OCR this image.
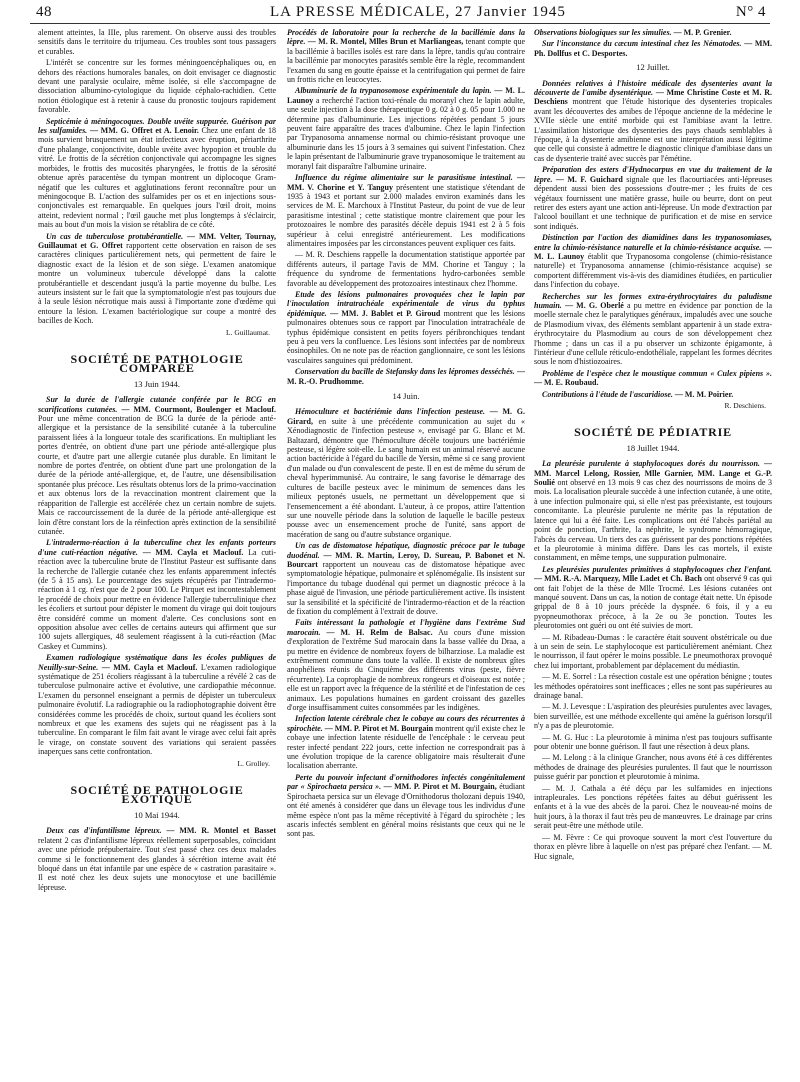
48	LA PRESSE MÉDICALE, 27 Janvier 1945	N° 4

alement atteintes, la IIIe, plus rarement. On observe aussi des troubles sensitifs dans le territoire du trijumeau. Ces troubles sont tous passagers et curables.

L'intérêt se concentre sur les formes méningoencéphaliques ou, en dehors des réactions humorales banales, on doit envisager ce diagnostic devant une paralysie oculaire, même isolée, si elle s'accompagne de dissociation albumino-cytologique du liquide céphalo-rachidien. Cette notion étiologique est à retenir à cause du pronostic toujours rapidement favorable.

Septicémie à méningocoques. Double uvéite suppurée. Guérison par les sulfamides. — MM. G. Offret et A. Lenoir. Chez une enfant de 18 mois survient brusquement un état infectieux avec éruption, périarthrite d'une phalange, conjonctivite, double uvéite avec hypopion et trouble du vitré. Le frottis de la sécrétion conjonctivale qui accompagne les signes morbides, le frottis des mucosités pharyngées, le frottis de la sérosité obtenue après paracentèse du tympan montrent un diplocoque Gram-négatif que les cultures et agglutinations feront reconnaître pour un méningocoque B. L'action des sulfamides per os et en injections sous-conjonctivales est remarquable. En quelques jours l'œil droit, moins atteint, redevient normal ; l'œil gauche met plus longtemps à s'éclaircir, mais au bout d'un mois la vision se rétablira de ce côté.

Un cas de tuberculose protubérantielle. — MM. Velter, Tournay, Guillaumat et G. Offret rapportent cette observation en raison de ses caractères cliniques particulièrement nets, qui permettent de faire le diagnostic exact de la lésion et de son siège. L'examen anatomique montre un volumineux tubercule développé dans la calotte protubérantielle et descendant jusqu'à la partie moyenne du bulbe. Les auteurs insistent sur le fait que la symptomatologie n'est pas toujours due à la seule lésion nécrotique mais aussi à l'importante zone d'œdème qui entoure la lésion. L'examen bactériologique sur coupe a montré des bacilles de Koch.

L. Guillaumat.
SOCIÉTÉ DE PATHOLOGIE COMPARÉE
13 Juin 1944.

Sur la durée de l'allergie cutanée conférée par le BCG en scarifications cutanées. — MM. Courmont, Boulenger et Maclouf. Pour une même concentration de BCG la durée de la période anté-allergique et la persistance de la sensibilité cutanée à la tuberculine paraissent liées à la longueur totale des scarifications. En multipliant les portes d'entrée, on obtient d'une part une période anté-allergique plus courte, et d'autre part une allergie cutanée plus durable. En limitant le nombre de portes d'entrée, on obtient d'une part une prolongation de la durée de la période anté-allergique, et, de l'autre, une désensibilisation spontanée plus précoce. Les résultats obtenus lors de la primo-vaccination et aux obtenus lors de la revaccination montrent clairement que la réapparition de l'allergie est accélérée chez un certain nombre de sujets. Mais ce raccourcissement de la durée de la période anté-allergique est loin d'être constant lors de la réinfection après extinction de la sensibilité cutanée.

L'intradermo-réaction à la tuberculine chez les enfants porteurs d'une cuti-réaction négative. — MM. Cayla et Maclouf. La cuti-réaction avec la tuberculine brute de l'Institut Pasteur est suffisante dans la recherche de l'allergie cutanée chez les enfants apparemment infectés (de 5 à 15 ans). Le pourcentage des sujets récupérés par l'intradermo-réaction à 1 cg. n'est que de 2 pour 100. Le Pirquet est incontestablement le procédé de choix pour mettre en évidence l'allergie tuberculinique chez les écoliers et surtout pour dépister le moment du virage qui doit toujours être considéré comme un moment d'alerte. Ces conclusions sont en opposition absolue avec celles de certains auteurs qui affirment que sur 100 sujets allergiques, 48 seulement réagissent à la cuti-réaction (Mac Caskey et Cummins).

Examen radiologique systématique dans les écoles publiques de Neuilly-sur-Seine. — MM. Cayla et Maclouf. L'examen radiologique systématique de 251 écoliers réagissant à la tuberculine a révélé 2 cas de tuberculose pulmonaire active et évolutive, une cardiopathie méconnue. L'examen du personnel enseignant a permis de dépister un tuberculeux pulmonaire évolutif. La radiographie ou la radiophotographie doivent être considérées comme les procédés de choix, surtout quand les écoliers sont nombreux et que les examens des sujets qui ne réagissent pas à la tuberculine. En comparant le film fait avant le virage avec celui fait après le virage, on constate souvent des variations qui seraient passées inaperçues sans cette confrontation.

L. Grolley.
SOCIÉTÉ DE PATHOLOGIE EXOTIQUE
10 Mai 1944.

Deux cas d'infantilisme lépreux. — MM. R. Montel et Basset relatent 2 cas d'infantilisme lépreux réellement superposables, coïncidant avec une période prépubertaire. Tout s'est passé chez ces deux malades comme si le fonctionnement des glandes à sécrétion interne avait été bloqué dans un état infantile par une espèce de « castration parasitaire ». Il est noté chez les deux sujets une monocytose et une bacillémie lépreuse.

Procédés de laboratoire pour la recherche de la bacillémie dans la lèpre. — M. R. Montel, Mlles Brun et Marliangeas, tenant compte que la bacillémie à bacilles isolés est rare dans la lèpre, tandis qu'au contraire la bacillémie par monocytes parasités semble être la règle, recommandent l'examen du sang en goutte épaisse et la centrifugation qui permet de faire un frottis riche en leucocytes.

Albuminurie de la trypanosomose expérimentale du lapin. — M. L. Launoy a recherché l'action toxi-rénale du moranyl chez le lapin adulte, une seule injection à la dose thérapeutique 0 g. 02 à 0 g. 05 pour 1.000 ne détermine pas d'albuminurie. Les injections répétées pendant 5 jours peuvent faire apparaître des traces d'albumine. Chez le lapin l'infection par Trypanosoma annamense normal ou chimio-résistant provoque une albuminurie dans les 15 jours à 3 semaines qui suivent l'infestation. Chez le lapin présentant de l'albuminurie grave trypanosomique le traitement au moranyl fait disparaître l'albumine urinaire.

Influence du régime alimentaire sur le parasitisme intestinal. — MM. V. Chorine et Y. Tanguy présentent une statistique s'étendant de 1935 à 1943 et portant sur 2.000 malades environ examinés dans les services de M. E. Marchoux à l'Institut Pasteur, du point de vue de leur parasitisme intestinal ; cette statistique montre clairement que pour les protozoaires le nombre des parasités décèle depuis 1941 est 2 à 5 fois supérieur à celui enregistré antérieurement. Les modifications alimentaires imposées par les circonstances peuvent expliquer ces faits.

— M. R. Deschiens rappelle la documentation statistique apportée par différents auteurs, il partage l'avis de MM. Chorine et Tanguy ; la fréquence du syndrome de fermentations hydro-carbonées semble favorable au développement des protozoaires intestinaux chez l'homme.

Etude des lésions pulmonaires provoquées chez le lapin par l'inoculation intratrachéale expérimentale de virus du typhus épidémique. — MM. J. Bablet et P. Giroud montrent que les lésions pulmonaires obtenues sous ce rapport par l'inoculation intratrachéale de typhus épidémique consistent en petits foyers péribronchiques tendant peu à peu vers la confluence. Les lésions sont infectées par de nombreux éosinophiles. On ne note pas de réaction ganglionnaire, ce sont les lésions vasculaires sanguines qui prédominent.

Conservation du bacille de Stefansky dans les lépromes desséchés. — M. R.-O. Prudhomme.

14 Juin.

Hémoculture et bactériémie dans l'infection pesteuse. — M. G. Girard, en suite à une précédente communication au sujet du « Xénodiagnostic de l'infection pesteuse », envisagé par G. Blanc et M. Baltazard, démontre que l'hémoculture décèle toujours une bactériémie pesteuse, si légère soit-elle. Le sang humain est un animal réservé aucune action bactéricide à l'égard du bacille de Yersin, même si ce sang provient d'un malade ou d'un convalescent de peste. Il en est de même du sérum de cheval hyperimmunisé. Au contraire, le sang favorise le démarrage des cultures de bacille pesteux avec le minimum de semences dans les milieux peptonés usuels, ne permettant un développement que si l'ensemencement a été abondant. L'auteur, à ce propos, attire l'attention sur une nouvelle période dans la solution de laquelle le bacille pesteux pousse avec un ensemencement proche de l'unité, sans apport de macération de sang ou d'autre substance organique.

Un cas de distomatose hépatique, diagnostic précoce par le tubage duodénal. — MM. R. Martin, Leroy, D. Sureau, P. Babonet et N. Bourcart rapportent un nouveau cas de distomatose hépatique avec symptomatologie hépatique, pulmonaire et splénomégalie. Ils insistent sur l'importance du tubage duodénal qui permet un diagnostic précoce à la phase aiguë de l'invasion, une période particulièrement active. Ils insistent sur la sensibilité et la spécificité de l'intradermo-réaction et de la réaction de fixation du complément à l'extrait de douve.

Faits intéressant la pathologie et l'hygiène dans l'extrême Sud marocain. — M. H. Relm de Balsac. Au cours d'une mission d'exploration de l'extrême Sud marocain dans la basse vallée du Draa, a pu mettre en évidence de nombreux foyers de bilharziose. La maladie est extrêmement commune dans toute la vallée. Il existe de nombreux gîtes anophéliens réunis du Cinquième des différents virus (peste, fièvre récurrente). La coprophagie de nombreux rongeurs et d'oiseaux est notée ; elle est un rapport avec la fréquence de la stérilité et de l'infestation de ces animaux. Les populations humaines en gardent croissant des gazelles d'orge insuffisamment cuites consommées par les indigènes.

Infection latente cérébrale chez le cobaye au cours des récurrentes à spirochète. — MM. P. Pirot et M. Bourgain montrent qu'il existe chez le cobaye une infection latente résiduelle de l'encéphale : le cerveau peut rester infecté pendant 222 jours, cette infection ne correspondrait pas à une évolution tropique de la carence obligatoire mais résulterait d'une localisation aberrante.

Perte du pouvoir infectant d'ornithodores infectés congénitalement par « Spirochaeta persica ». — MM. P. Pirot et M. Bourgain, étudiant Spirochaeta persica sur un élevage d'Ornithodorus tholozani depuis 1940, ont été amenés à considérer que dans un élevage tous les individus d'une même espèce n'ont pas la même réceptivité à l'égard du spirochète ; les ascaris infectés semblent en général moins résistants que ceux qui ne le sont pas.

Observations biologiques sur les simulies. — M. P. Grenier.

Sur l'inconstance du cæcum intestinal chez les Nématodes. — MM. Ph. Dollfus et C. Desportes.

12 Juillet.

Données relatives à l'histoire médicale des dysenteries avant la découverte de l'amibe dysentérique. — Mme Christine Coste et M. R. Deschiens montrent que l'étude historique des dysenteries tropicales avant les découvertes des amibes de l'époque ancienne de la médecine le XVIIe siècle une entité morbide qui est l'amibiase avant la lettre. L'assimilation historique des dysenteries des pays chauds semblables à l'époque, à la dysenterie amibienne est une interprétation aussi légitime que celle qui consiste à admettre le diagnostic clinique d'amibiase dans un cas de dysenterie traité avec succès par l'émétine.

Préparation des esters d'Hydnocarpus en vue du traitement de la lèpre. — M. F. Guichard signale que les flacourtiacées anti-lépreuses dépendent aussi bien des possessions d'outre-mer ; les fruits de ces végétaux fournissent une matière grasse, huile ou beurre, dont on peut retirer des esters ayant une action anti-lépreuse. Un mode d'extraction par l'alcool bouillant et une technique de purification et de mise en service sont indiqués.

Distinction par l'action des diamidines dans les trypanosomiases, entre la chimio-résistance naturelle et la chimio-résistance acquise. — M. L. Launoy établit que Trypanosoma congolense (chimio-résistance naturelle) et Trypanosoma annamense (chimio-résistance acquise) se comportent différemment vis-à-vis des diamidines étudiées, en particulier dans l'infection du cobaye.

Recherches sur les formes extra-érythrocytaires du paludisme humain. — M. G. Oberlé a pu mettre en évidence par ponction de la moelle sternale chez le paralytiques généraux, impaludés avec une souche de Plasmodium vivax, des éléments semblant appartenir à un stade extra-érythrocytaire du Plasmodium au cours de son développement chez l'homme ; dans un cas il a pu observer un schizonte épigamonte, à l'intérieur d'une cellule réticulo-endothéliale, rappelant les formes décrites sous le nom d'histiozoaires.

Problème de l'espèce chez le moustique commun « Culex pipiens ». — M. E. Roubaud.

Contributions à l'étude de l'ascaridiose. — M. M. Poirier.

R. Deschiens.
SOCIÉTÉ DE PÉDIATRIE
18 Juillet 1944.

La pleurésie purulente à staphylocoques dorés du nourrisson. — MM. Marcel Lelong, Rossier, Mlle Garnier, MM. Lange et G.-P. Soulié ont observé en 13 mois 9 cas chez des nourrissons de moins de 3 mois. La localisation pleurale succède à une infection cutanée, à une otite, à une infection pulmonaire qui, si elle n'est pas préexistante, est toujours concomitante. La pleurésie purulente ne mérite pas la réputation de latence qui lui a été faite. Les complications ont été l'abcès pariétal au point de ponction, l'arthrite, la néphrite, le syndrome hémorragique, l'abcès du cerveau. Un tiers des cas guérissent par des ponctions répétées et la pleurotomie à minima diffère. Dans les cas mortels, il existe constamment, en même temps, une suppuration pulmonaire.

Les pleurésies purulentes primitives à staphylocoques chez l'enfant. — MM. R.-A. Marquezy, Mlle Ladet et Ch. Bach ont observé 9 cas qui ont fait l'objet de la thèse de Mlle Trocmé. Les lésions cutanées ont manqué souvent. Dans un cas, la notion de contage était nette. Un épisode grippal de 8 à 10 jours précède la dyspnée. 6 fois, il y a eu pyopneumothorax précoce, à la 2e ou 3e ponction. Toutes les pleurotomies ont guéri ou ont été suivies de mort.

— M. Ribadeau-Dumas : le caractère était souvent obstétricale ou due à un sein de sein. Le staphylocoque est particulièrement anémiant. Chez le nourrisson, il faut opérer le moins possible. Le pneumothorax provoqué chez lui important, probablement par déplacement du médiastin.

— M. E. Sorrel : La résection costale est une opération bénigne ; toutes les méthodes opératoires sont inefficaces ; elles ne sont pas supérieures au drainage banal.

— M. J. Levesque : L'aspiration des pleurésies purulentes avec lavages, bien surveillée, est une méthode excellente qui amène la guérison lorsqu'il n'y a pas de pleurotomie.

— M. G. Huc : La pleurotomie à minima n'est pas toujours suffisante pour obtenir une bonne guérison. Il faut une résection à deux plans.

— M. Lelong : à la clinique Grancher, nous avons été à ces différentes méthodes de drainage des pleurésies purulentes. Il faut que le nourrisson puisse guérir par ponction et pleurotomie à minima.

— M. J. Cathala a été déçu par les sulfamides en injections intrapleurales. Les ponctions répétées faites au début guérissent les enfants et à la vue des abcès de la paroi. Chez le nouveau-né moins de huit jours, à la thorax il faut très peu de manœuvres. Le drainage par crins serait peut-être une méthode utile.

— M. Fèvre : Ce qui provoque souvent la mort c'est l'ouverture du thorax en plèvre libre à laquelle on n'est pas préparé chez l'enfant. — M. Huc signale,
